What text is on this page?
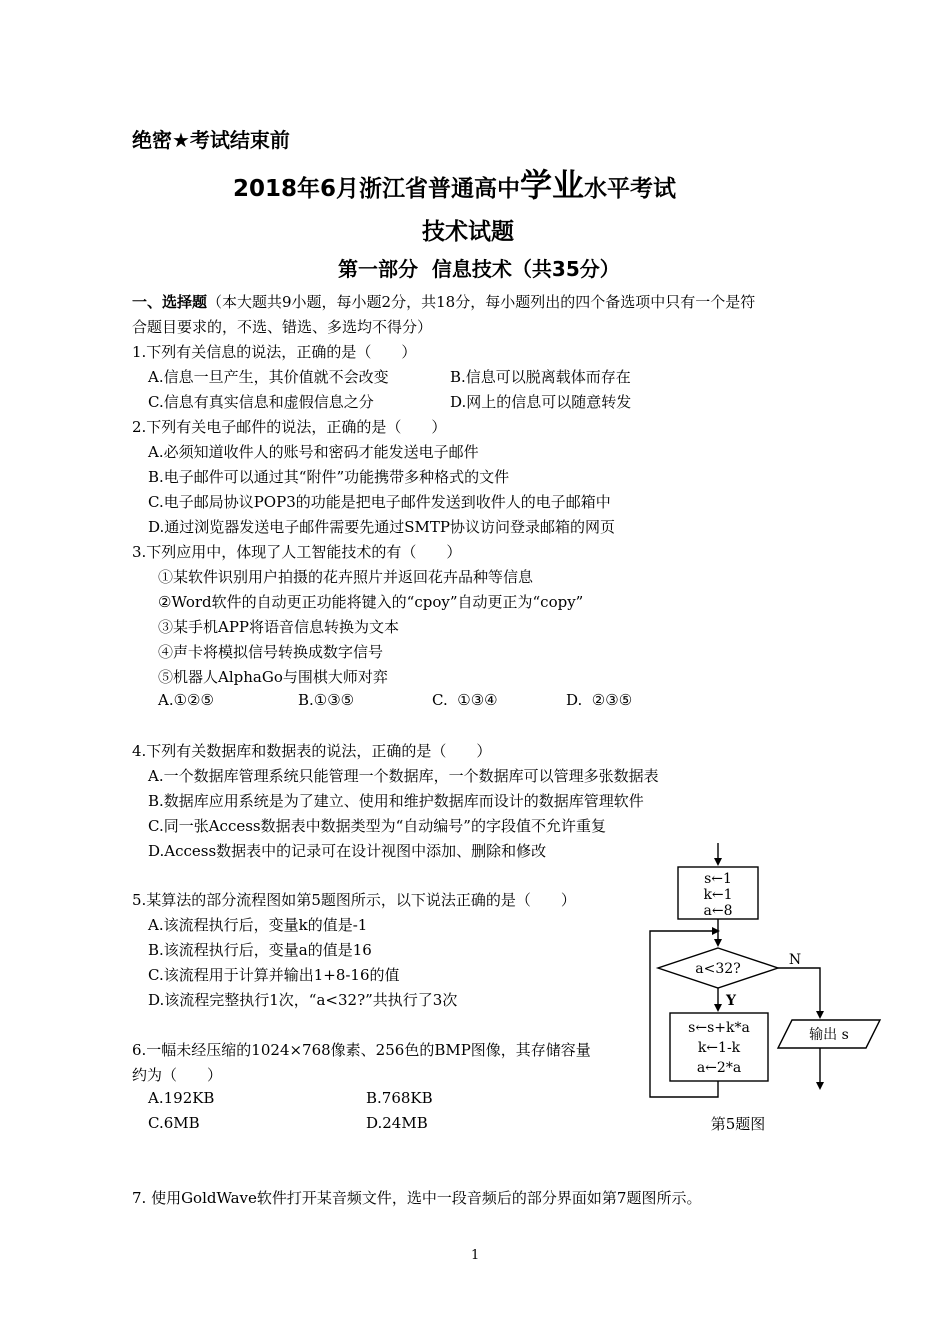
绝密★考试结束前
2018年6月浙江省普通高中学业水平考试
技术试题
第一部分  信息技术（共35分）
一、选择题（本大题共9小题，每小题2分，共18分，每小题列出的四个备选项中只有一个是符
合题目要求的，不选、错选、多选均不得分）
1.下列有关信息的说法，正确的是（　　）
A.信息一旦产生，其价值就不会改变	B.信息可以脱离载体而存在
C.信息有真实信息和虚假信息之分	D.网上的信息可以随意转发
2.下列有关电子邮件的说法，正确的是（　　）
A.必须知道收件人的账号和密码才能发送电子邮件
B.电子邮件可以通过其“附件”功能携带多种格式的文件
C.电子邮局协议POP3的功能是把电子邮件发送到收件人的电子邮箱中
D.通过浏览器发送电子邮件需要先通过SMTP协议访问登录邮箱的网页
3.下列应用中，体现了人工智能技术的有（　　）
①某软件识别用户拍摄的花卉照片并返回花卉品种等信息
②Word软件的自动更正功能将键入的“cpoy”自动更正为“copy”
③某手机APP将语音信息转换为文本
④声卡将模拟信号转换成数字信号
⑤机器人AlphaGo与围棋大师对弈
A.①②⑤	B.①③⑤	C.  ①③④	D.  ②③⑤
4.下列有关数据库和数据表的说法，正确的是（　　）
A.一个数据库管理系统只能管理一个数据库，一个数据库可以管理多张数据表
B.数据库应用系统是为了建立、使用和维护数据库而设计的数据库管理软件
C.同一张Access数据表中数据类型为“自动编号”的字段值不允许重复
D.Access数据表中的记录可在设计视图中添加、删除和修改
5.某算法的部分流程图如第5题图所示，以下说法正确的是（　　）
A.该流程执行后，变量k的值是-1
B.该流程执行后，变量a的值是16
C.该流程用于计算并输出1+8-16的值
D.该流程完整执行1次，“a<32?”共执行了3次
6.一幅未经压缩的1024×768像素、256色的BMP图像，其存储容量
约为（　　）
A.192KB	B.768KB
C.6MB	D.24MB
7. 使用GoldWave软件打开某音频文件，选中一段音频后的部分界面如第7题图所示。
s←1
k←1
a←8
a<32?
Y
N
s←s+k*a
k←1-k
a←2*a
输出 s
第5题图
1
